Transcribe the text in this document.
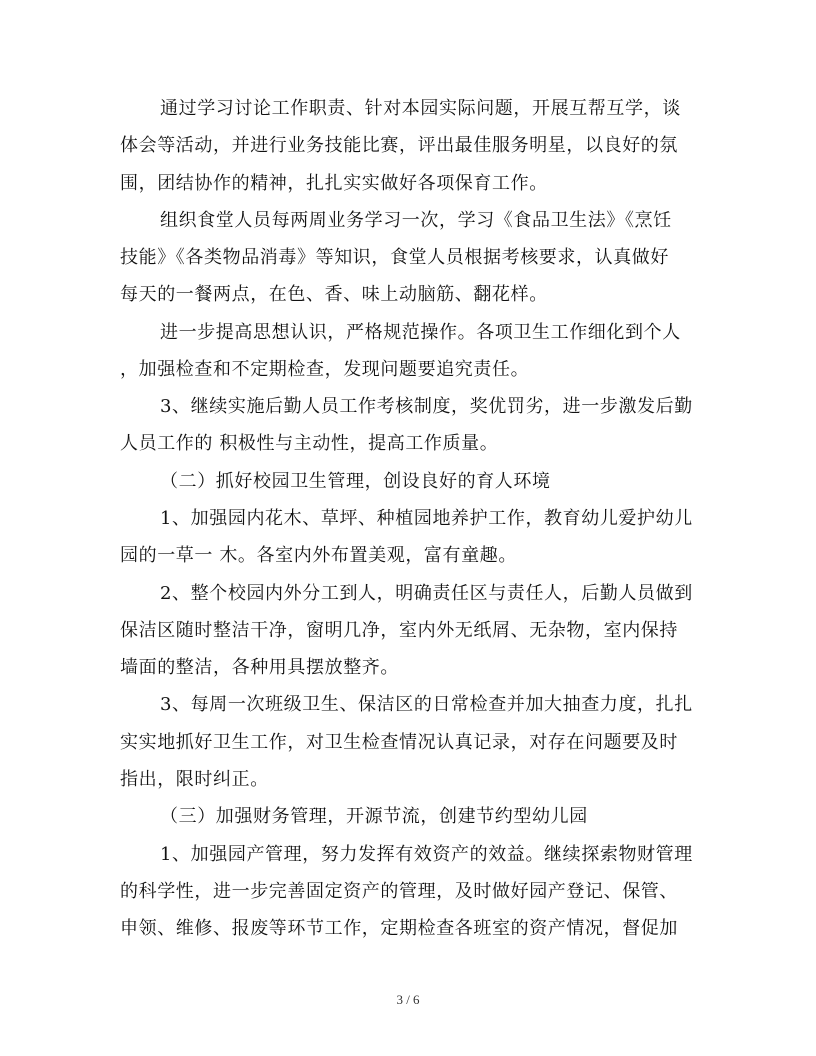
通过学习讨论工作职责、针对本园实际问题，开展互帮互学，谈
体会等活动，并进行业务技能比赛，评出最佳服务明星，以良好的氛
围，团结协作的精神，扎扎实实做好各项保育工作。
组织食堂人员每两周业务学习一次，学习《食品卫生法》《烹饪
技能》《各类物品消毒》等知识，食堂人员根据考核要求，认真做好
每天的一餐两点，在色、香、味上动脑筋、翻花样。
进一步提高思想认识，严格规范操作。各项卫生工作细化到个人
，加强检查和不定期检查，发现问题要追究责任。
3、继续实施后勤人员工作考核制度，奖优罚劣，进一步激发后勤
人员工作的 积极性与主动性，提高工作质量。
（二）抓好校园卫生管理，创设良好的育人环境
1、加强园内花木、草坪、种植园地养护工作，教育幼儿爱护幼儿
园的一草一 木。各室内外布置美观，富有童趣。
2、整个校园内外分工到人，明确责任区与责任人，后勤人员做到
保洁区随时整洁干净，窗明几净，室内外无纸屑、无杂物，室内保持
墙面的整洁，各种用具摆放整齐。
3、每周一次班级卫生、保洁区的日常检查并加大抽查力度，扎扎
实实地抓好卫生工作，对卫生检查情况认真记录，对存在问题要及时
指出，限时纠正。
（三）加强财务管理，开源节流，创建节约型幼儿园
1、加强园产管理，努力发挥有效资产的效益。继续探索物财管理
的科学性，进一步完善固定资产的管理，及时做好园产登记、保管、
申领、维修、报废等环节工作，定期检查各班室的资产情况，督促加
3 / 6
